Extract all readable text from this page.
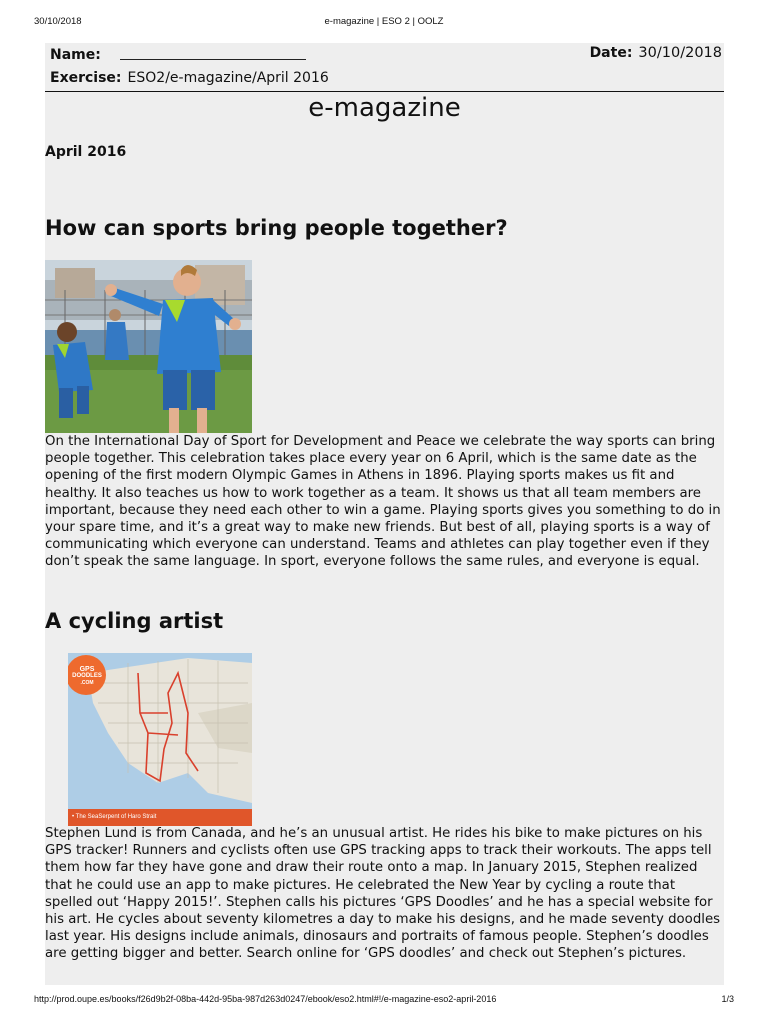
30/10/2018	e-magazine | ESO 2 | OOLZ
Name:	Date: 30/10/2018
Exercise: ESO2/e-magazine/April 2016
e-magazine
April 2016
How can sports bring people together?
On the International Day of Sport for Development and Peace we celebrate the way sports can bring people together. This celebration takes place every year on 6 April, which is the same date as the opening of the first modern Olympic Games in Athens in 1896. Playing sports makes us fit and healthy. It also teaches us how to work together as a team. It shows us that all team members are important, because they need each other to win a game. Playing sports gives you something to do in your spare time, and it’s a great way to make new friends. But best of all, playing sports is a way of communicating which everyone can understand. Teams and athletes can play together even if they don’t speak the same language. In sport, everyone follows the same rules, and everyone is equal.
A cycling artist
GPS
DOODLES
.COM
• The SeaSerpent of Haro Strait
Stephen Lund is from Canada, and he’s an unusual artist. He rides his bike to make pictures on his GPS tracker! Runners and cyclists often use GPS tracking apps to track their workouts. The apps tell them how far they have gone and draw their route onto a map. In January 2015, Stephen realized that he could use an app to make pictures. He celebrated the New Year by cycling a route that spelled out ‘Happy 2015!’. Stephen calls his pictures ‘GPS Doodles’ and he has a special website for his art. He cycles about seventy kilometres a day to make his designs, and he made seventy doodles last year. His designs include animals, dinosaurs and portraits of famous people. Stephen’s doodles are getting bigger and better. Search online for ‘GPS doodles’ and check out Stephen’s pictures.
http://prod.oupe.es/books/f26d9b2f-08ba-442d-95ba-987d263d0247/ebook/eso2.html#!/e-magazine-eso2-april-2016	1/3
